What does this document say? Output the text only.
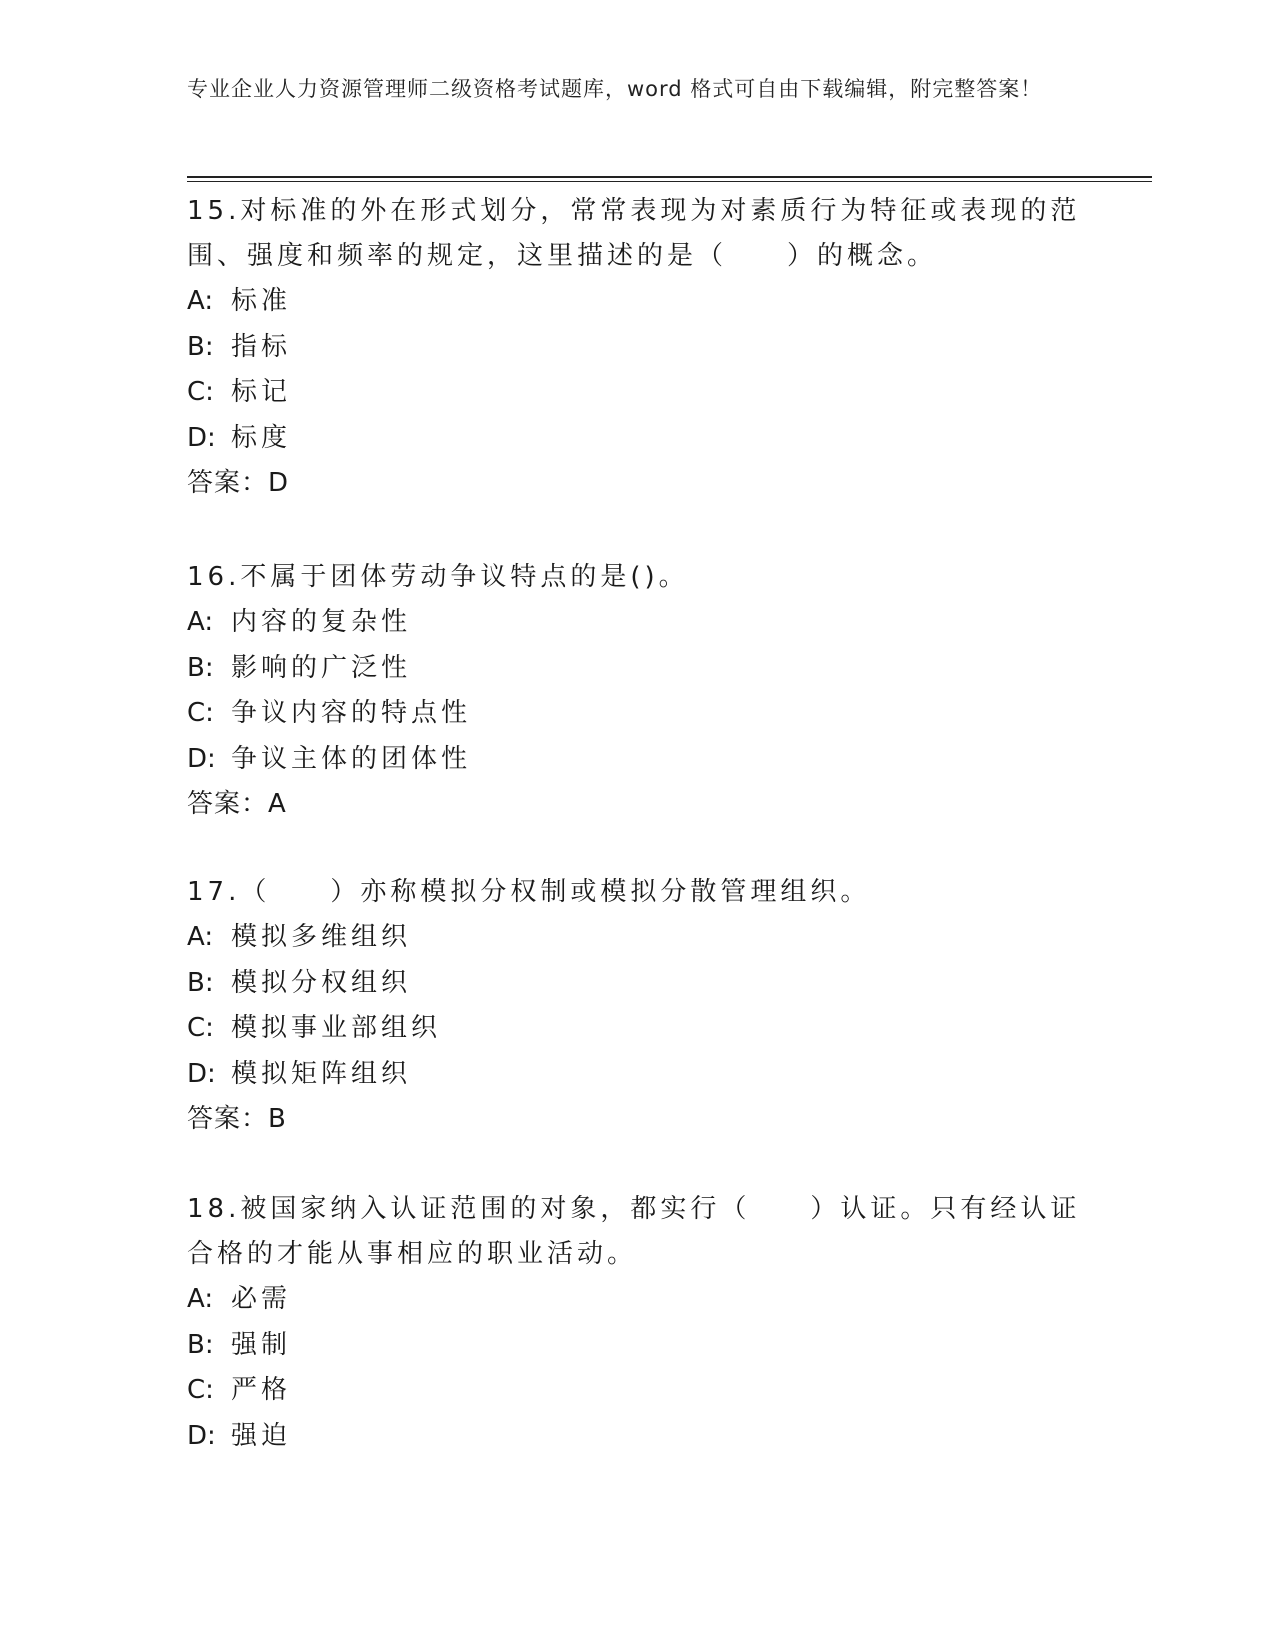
专业企业人力资源管理师二级资格考试题库，word 格式可自由下载编辑，附完整答案！
15.对标准的外在形式划分，常常表现为对素质行为特征或表现的范围、强度和频率的规定，这里描述的是（　　）的概念。
A: 标准
B: 指标
C: 标记
D: 标度
答案：D
16.不属于团体劳动争议特点的是()。
A: 内容的复杂性
B: 影响的广泛性
C: 争议内容的特点性
D: 争议主体的团体性
答案：A
17.（　　）亦称模拟分权制或模拟分散管理组织。
A: 模拟多维组织
B: 模拟分权组织
C: 模拟事业部组织
D: 模拟矩阵组织
答案：B
18.被国家纳入认证范围的对象，都实行（　　）认证。只有经认证合格的才能从事相应的职业活动。
A: 必需
B: 强制
C: 严格
D: 强迫
